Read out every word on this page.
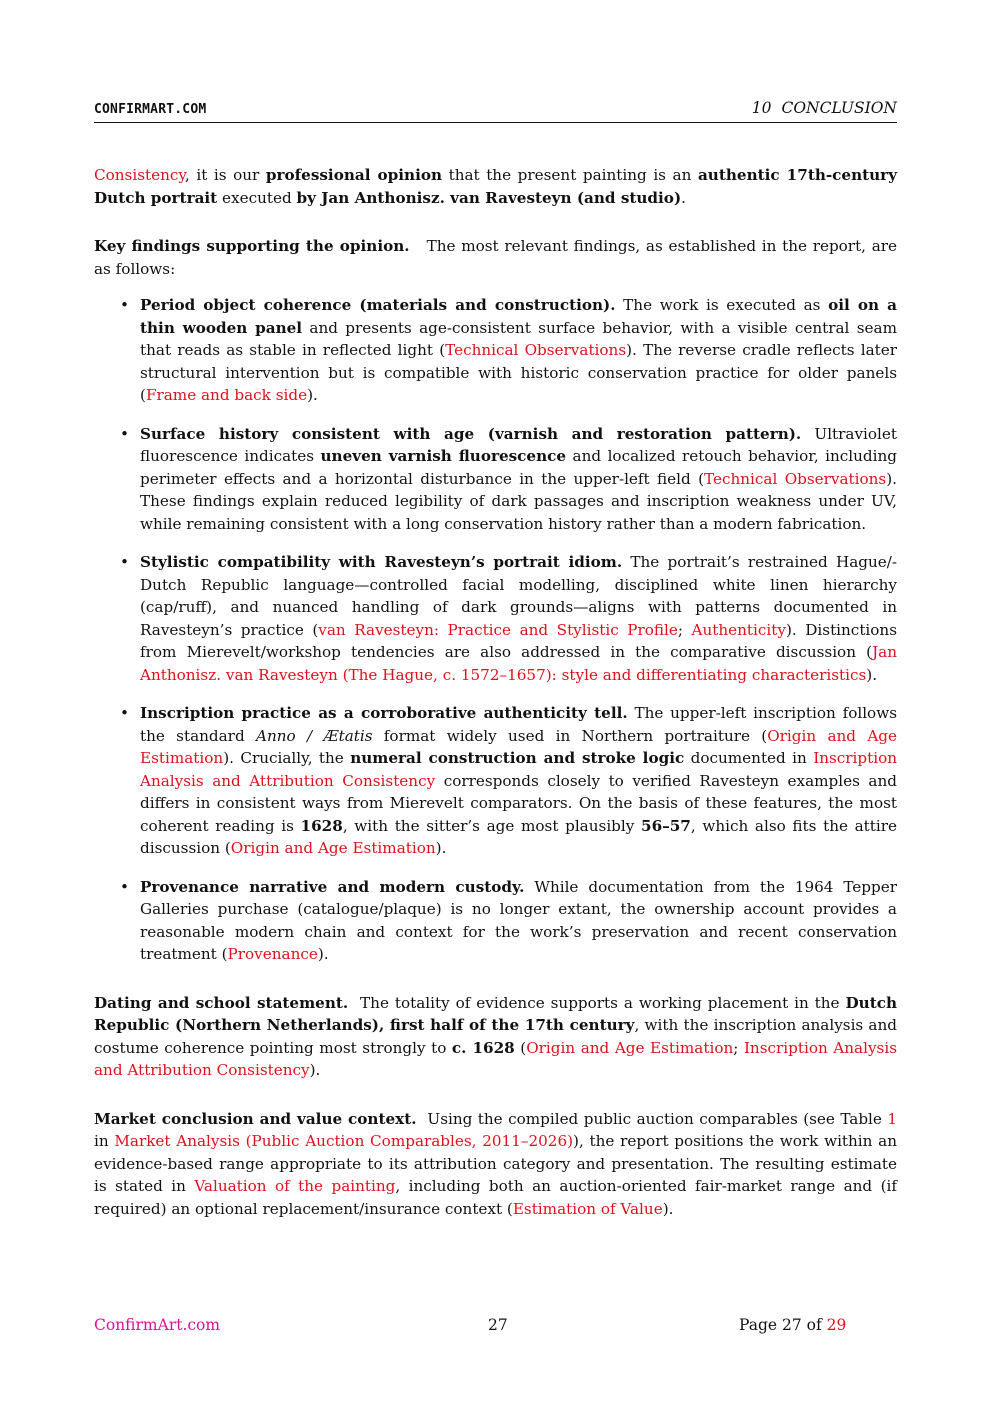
CONFIRMART.COM	10 CONCLUSION

Consistency, it is our professional opinion that the present painting is an authentic 17th-century Dutch portrait executed by Jan Anthonisz. van Ravesteyn (and studio).

Key findings supporting the opinion. The most relevant findings, as established in the report, are as follows:

• Period object coherence (materials and construction). The work is executed as oil on a thin wooden panel and presents age-consistent surface behavior, with a visible central seam that reads as stable in reflected light (Technical Observations). The reverse cradle reflects later structural intervention but is compatible with historic conservation practice for older panels (Frame and back side).
• Surface history consistent with age (varnish and restoration pattern). Ultraviolet fluorescence indicates uneven varnish fluorescence and localized retouch behavior, including perimeter effects and a horizontal disturbance in the upper-left field (Technical Observations). These findings explain reduced legibility of dark passages and inscription weakness under UV, while remaining consistent with a long conservation history rather than a modern fabrication.
• Stylistic compatibility with Ravesteyn’s portrait idiom. The portrait’s restrained Hague/-Dutch Republic language—controlled facial modelling, disciplined white linen hierarchy (cap/ruff), and nuanced handling of dark grounds—aligns with patterns documented in Ravesteyn’s practice (van Ravesteyn: Practice and Stylistic Profile; Authenticity). Distinctions from Mierevelt/workshop tendencies are also addressed in the comparative discussion (Jan Anthonisz. van Ravesteyn (The Hague, c. 1572–1657): style and differentiating characteristics).
• Inscription practice as a corroborative authenticity tell. The upper-left inscription follows the standard Anno / Ætatis format widely used in Northern portraiture (Origin and Age Estimation). Crucially, the numeral construction and stroke logic documented in Inscription Analysis and Attribution Consistency corresponds closely to verified Ravesteyn examples and differs in consistent ways from Mierevelt comparators. On the basis of these features, the most coherent reading is 1628, with the sitter’s age most plausibly 56–57, which also fits the attire discussion (Origin and Age Estimation).
• Provenance narrative and modern custody. While documentation from the 1964 Tepper Galleries purchase (catalogue/plaque) is no longer extant, the ownership account provides a reasonable modern chain and context for the work’s preservation and recent conservation treatment (Provenance).

Dating and school statement.  The totality of evidence supports a working placement in the Dutch Republic (Northern Netherlands), first half of the 17th century, with the inscription analysis and costume coherence pointing most strongly to c. 1628 (Origin and Age Estimation; Inscription Analysis and Attribution Consistency).

Market conclusion and value context.  Using the compiled public auction comparables (see Table 1 in Market Analysis (Public Auction Comparables, 2011–2026)), the report positions the work within an evidence-based range appropriate to its attribution category and presentation. The resulting estimate is stated in Valuation of the painting, including both an auction-oriented fair-market range and (if required) an optional replacement/insurance context (Estimation of Value).

ConfirmArt.com	27	Page 27 of 29
